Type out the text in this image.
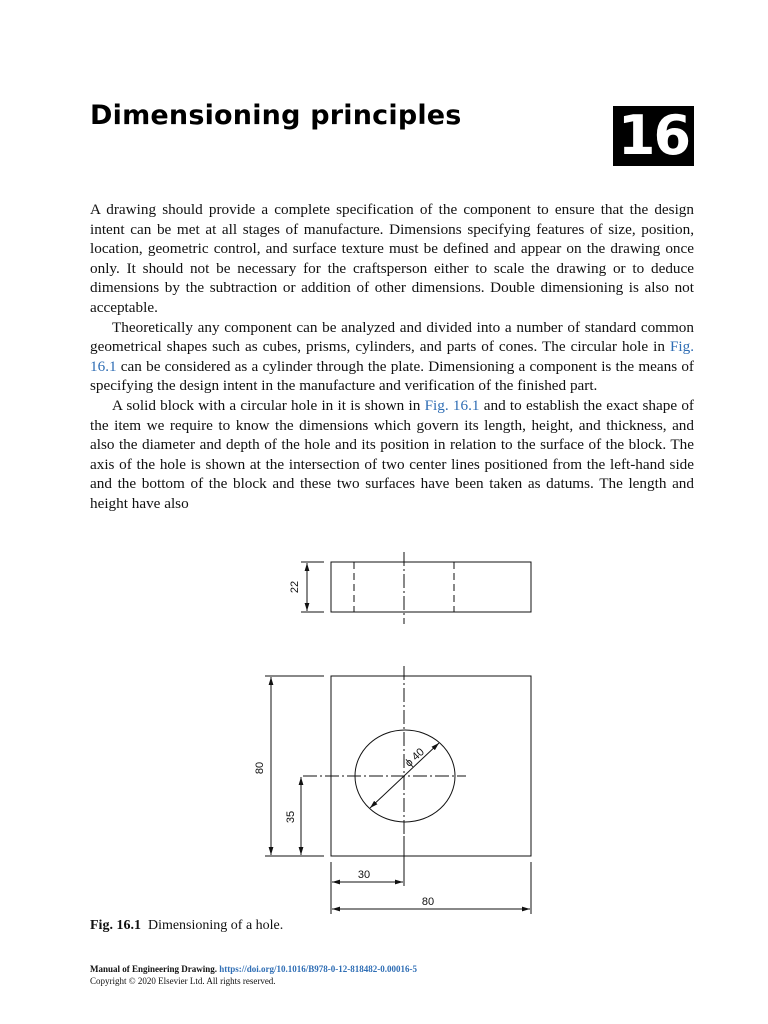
Dimensioning principles	16

A drawing should provide a complete specification of the component to ensure that the design intent can be met at all stages of manufacture. Dimensions specifying features of size, position, location, geometric control, and surface texture must be defined and appear on the drawing once only. It should not be necessary for the craftsperson either to scale the drawing or to deduce dimensions by the subtraction or addition of other dimensions. Double dimensioning is also not acceptable.

Theoretically any component can be analyzed and divided into a number of standard common geometrical shapes such as cubes, prisms, cylinders, and parts of cones. The circular hole in Fig. 16.1 can be considered as a cylinder through the plate. Dimensioning a component is the means of specifying the design intent in the manufacture and verification of the finished part.

A solid block with a circular hole in it is shown in Fig. 16.1 and to establish the exact shape of the item we require to know the dimensions which govern its length, height, and thickness, and also the diameter and depth of the hole and its position in relation to the surface of the block. The axis of the hole is shown at the intersection of two center lines positioned from the left-hand side and the bottom of the block and these two surfaces have been taken as datums. The length and height have also

22
80
35
30
80
ϕ 40
Fig. 16.1 Dimensioning of a hole.
Manual of Engineering Drawing. https://doi.org/10.1016/B978-0-12-818482-0.00016-5
Copyright © 2020 Elsevier Ltd. All rights reserved.
